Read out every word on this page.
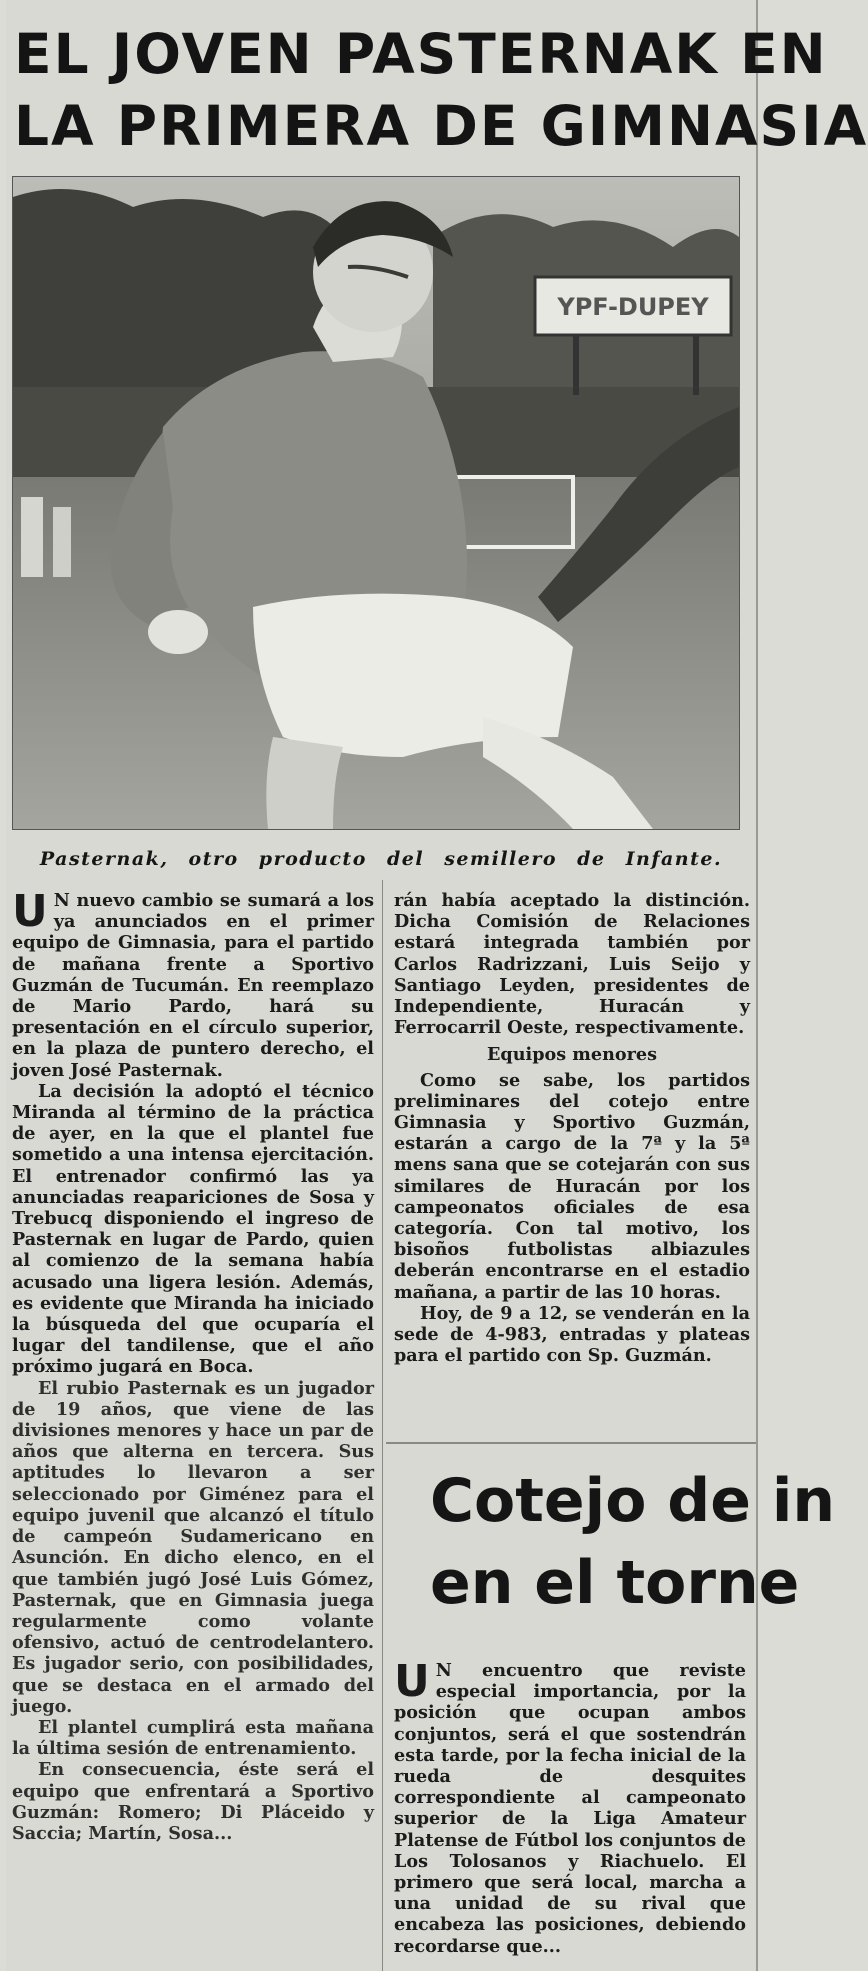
EL JOVEN PASTERNAK EN
LA PRIMERA DE GIMNASIA
YPF-DUPEY
Pasternak, otro producto del semillero de Infante.

U N nuevo cambio se sumará a los ya anunciados en el primer equipo de Gimnasia, para el partido de mañana frente a Sportivo Guzmán de Tucumán. En reemplazo de Mario Pardo, hará su presentación en el círculo superior, en la plaza de puntero derecho, el joven José Pasternak.

La decisión la adoptó el técnico Miranda al término de la práctica de ayer, en la que el plantel fue sometido a una intensa ejercitación. El entrenador confirmó las ya anunciadas reapariciones de Sosa y Trebucq disponiendo el ingreso de Pasternak en lugar de Pardo, quien al comienzo de la semana había acusado una ligera lesión. Además, es evidente que Miranda ha iniciado la búsqueda del que ocuparía el lugar del tandilense, que el año próximo jugará en Boca.

El rubio Pasternak es un jugador de 19 años, que viene de las divisiones menores y hace un par de años que alterna en tercera. Sus aptitudes lo llevaron a ser seleccionado por Giménez para el equipo juvenil que alcanzó el título de campeón Sudamericano en Asunción. En dicho elenco, en el que también jugó José Luis Gómez, Pasternak, que en Gimnasia juega regularmente como volante ofensivo, actuó de centrodelantero. Es jugador serio, con posibilidades, que se destaca en el armado del juego.

El plantel cumplirá esta mañana la última sesión de entrenamiento.

En consecuencia, éste será el equipo que enfrentará a Sportivo Guzmán: Romero; Di Pláceido y Saccia; Martín, Sosa...

rán había aceptado la distinción. Dicha Comisión de Relaciones estará integrada también por Carlos Radrizzani, Luis Seijo y Santiago Leyden, presidentes de Independiente, Huracán y Ferrocarril Oeste, respectivamente.

Equipos menores

Como se sabe, los partidos preliminares del cotejo entre Gimnasia y Sportivo Guzmán, estarán a cargo de la 7ª y la 5ª mens sana que se cotejarán con sus similares de Huracán por los campeonatos oficiales de esa categoría. Con tal motivo, los bisoños futbolistas albiazules deberán encontrarse en el estadio mañana, a partir de las 10 horas.

Hoy, de 9 a 12, se venderán en la sede de 4-983, entradas y plateas para el partido con Sp. Guzmán.

Cotejo de in
en el torne

U N encuentro que reviste especial importancia, por la posición que ocupan ambos conjuntos, será el que sostendrán esta tarde, por la fecha inicial de la rueda de desquites correspondiente al campeonato superior de la Liga Amateur Platense de Fútbol los conjuntos de Los Tolosanos y Riachuelo. El primero que será local, marcha a una unidad de su rival que encabeza las posiciones, debiendo recordarse que...
